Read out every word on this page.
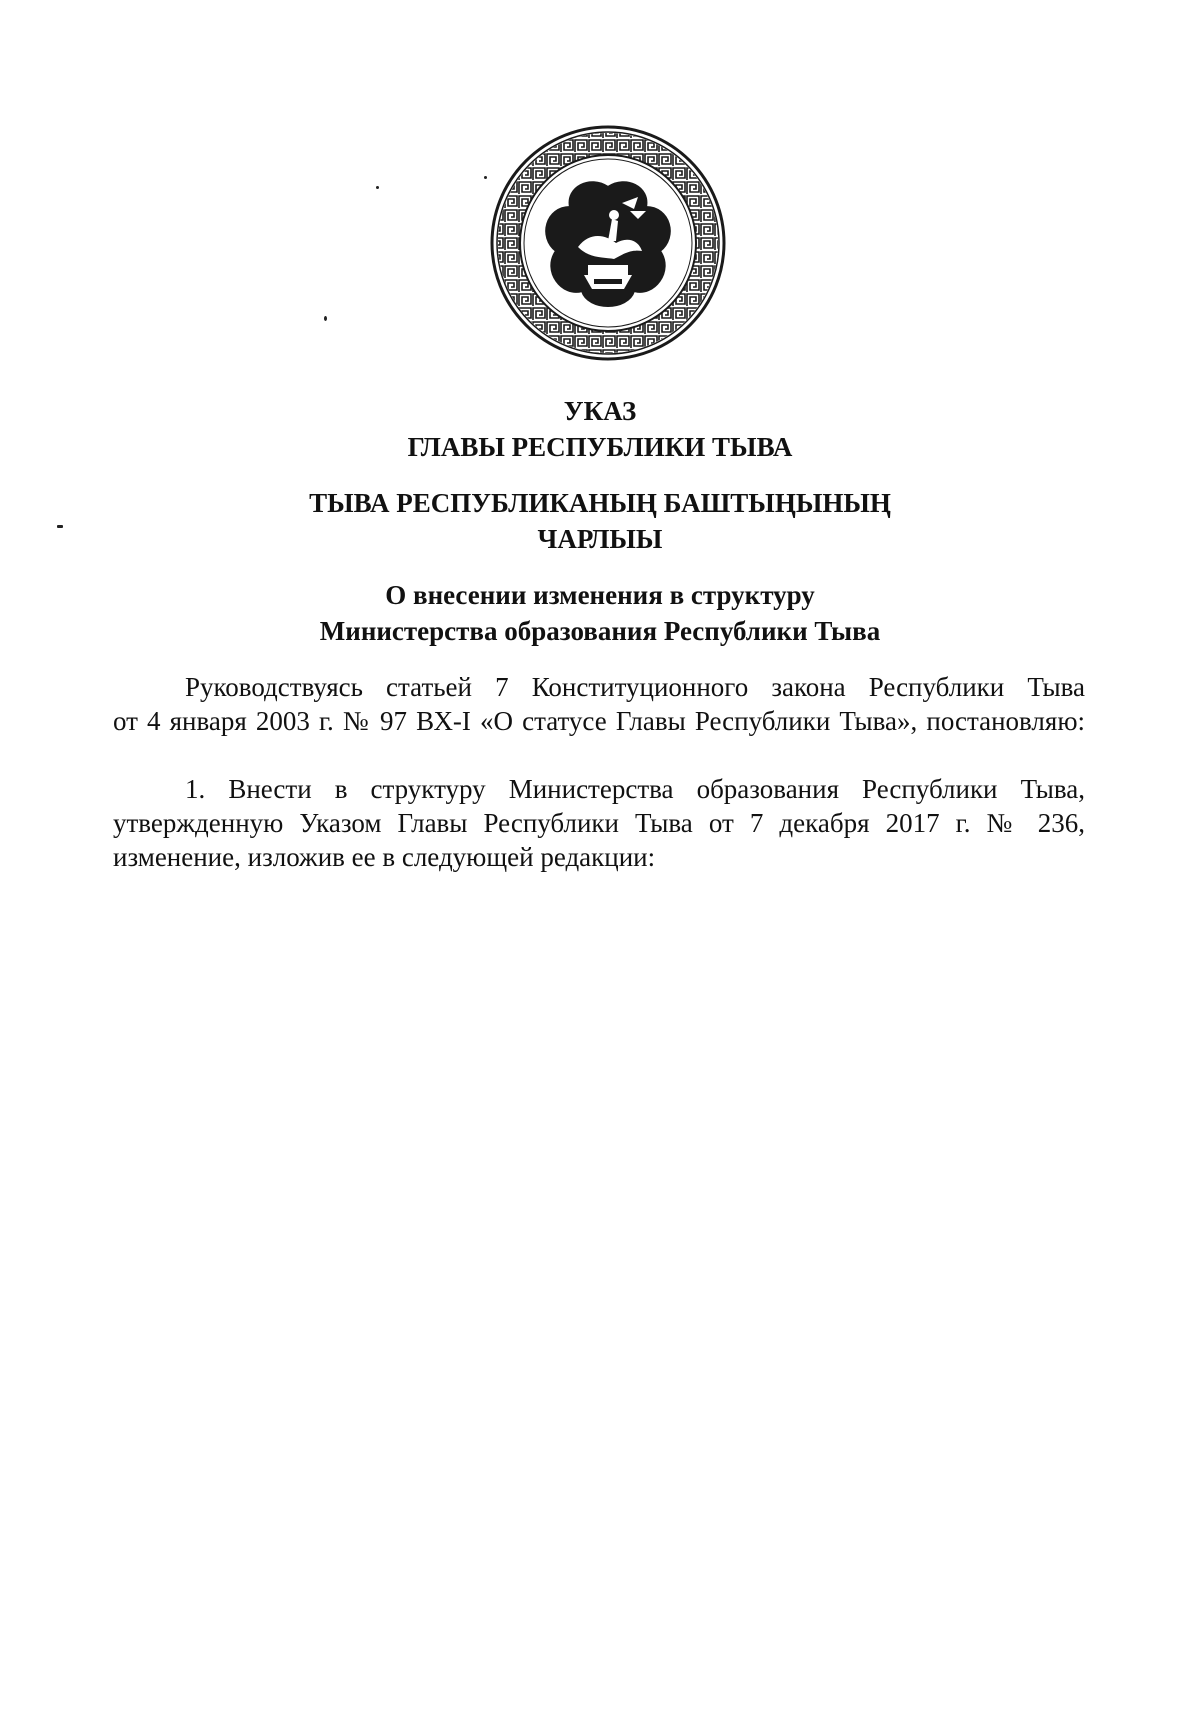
УКАЗ
ГЛАВЫ РЕСПУБЛИКИ ТЫВА
ТЫВА РЕСПУБЛИКАНЫҢ БАШТЫҢЫНЫҢ
ЧАРЛЫЫ
О внесении изменения в структуру
Министерства образования Республики Тыва
Руководствуясь статьей 7 Конституционного закона Республики Тыва
от 4 января 2003 г. № 97 ВХ-I «О статусе Главы Республики Тыва», постановляю:
1. Внести в структуру Министерства образования Республики Тыва,
утвержденную Указом Главы Республики Тыва от 7 декабря 2017 г. № 236,
изменение, изложив ее в следующей редакции:
